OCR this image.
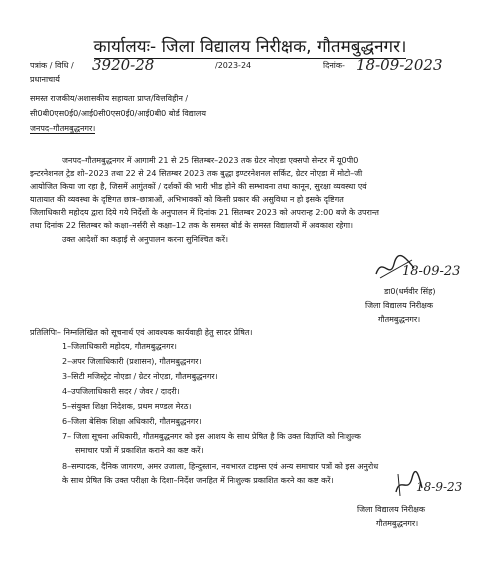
कार्यालयः- जिला विद्यालय निरीक्षक, गौतमबुद्धनगर।
पत्रांक / विधि / 3920-28	/2023-24	दिनांक- 18-09-2023
प्रधानाचार्य
समस्त राजकीय/अशासकीय सहायता प्राप्त/वित्तविहीन /
सी0बी0एस0ई0/आई0सी0एस0ई0/आई0बी0 बोर्ड विद्यालय
जनपद–गौतमबुद्धनगर।
जनपद–गौतमबुद्धनगर में आगामी 21 से 25 सितम्बर–2023 तक ग्रेटर नोएडा एक्सपो सेन्टर में यू0पी0
इन्टरनेशनल ट्रेड शो–2023 तथा 22 से 24 सितम्बर 2023 तक बुद्धा इण्टरनेशनल सर्किट, ग्रेटर नोएडा में मोटो–जी
आयोजित किया जा रहा है, जिसमें आगुंतकों / दर्शकों की भारी भीड होने की सम्भावना तथा कानून, सुरक्षा व्यवस्था एवं
यातायात की व्यवस्था के दृष्टिगत छात्र–छात्राओं, अभिभावकों को किसी प्रकार की असुविधा न हो इसके दृष्टिगत
जिलाधिकारी महोदय द्वारा दिये गये निर्देशों के अनुपालन में दिनांक 21 सितम्बर 2023 को अपरान्ह 2:00 बजे के उपरान्त
तथा दिनांक 22 सितम्बर को कक्षा–नर्सरी से कक्षा–12 तक के समस्त बोर्ड के समस्त विद्यालयों में अवकाश रहेगा।
उक्त आदेशों का कड़ाई से अनुपालन करना सुनिश्चित करें।
18-09-23
डा0(धर्मवीर सिंह)
जिला विद्यालय निरीक्षक
गौतमबुद्धनगर।
प्रतिलिपिः– निम्नलिखित को सूचनार्थ एवं आवश्यक कार्यवाही हेतु सादर प्रेषित।
1–जिलाधिकारी महोदय, गौतमबुद्धनगर।
2–अपर जिलाधिकारी (प्रशासन), गौतमबुद्धनगर।
3–सिटी मजिस्ट्रेट नोएडा / ग्रेटर नोएडा, गौतमबुद्धनगर।
4–उपजिलाधिकारी सदर / जेवर / दादरी।
5–संयुक्त शिक्षा निदेशक, प्रथम मण्डल मेरठ।
6–जिला बेसिक शिक्षा अधिकारी, गौतमबुद्धनगर।
7– जिला सूचना अधिकारी, गौतमबुद्धनगर को इस आशय के साथ प्रेषित है कि उक्त विज्ञप्ति को निःशुल्क
समाचार पत्रों में प्रकाशित कराने का कष्ट करें।
8–सम्पादक, दैनिक जागरण, अमर उजाला, हिन्दुस्तान, नवभारत टाइम्स एवं अन्य समाचार पत्रों को इस अनुरोध
के साथ प्रेषित कि उक्त परीक्षा के दिशा–निर्देश जनहित में निःशुल्क प्रकाशित करने का कष्ट करें।	18-9-23
जिला विद्यालय निरीक्षक
गौतमबुद्धनगर।
